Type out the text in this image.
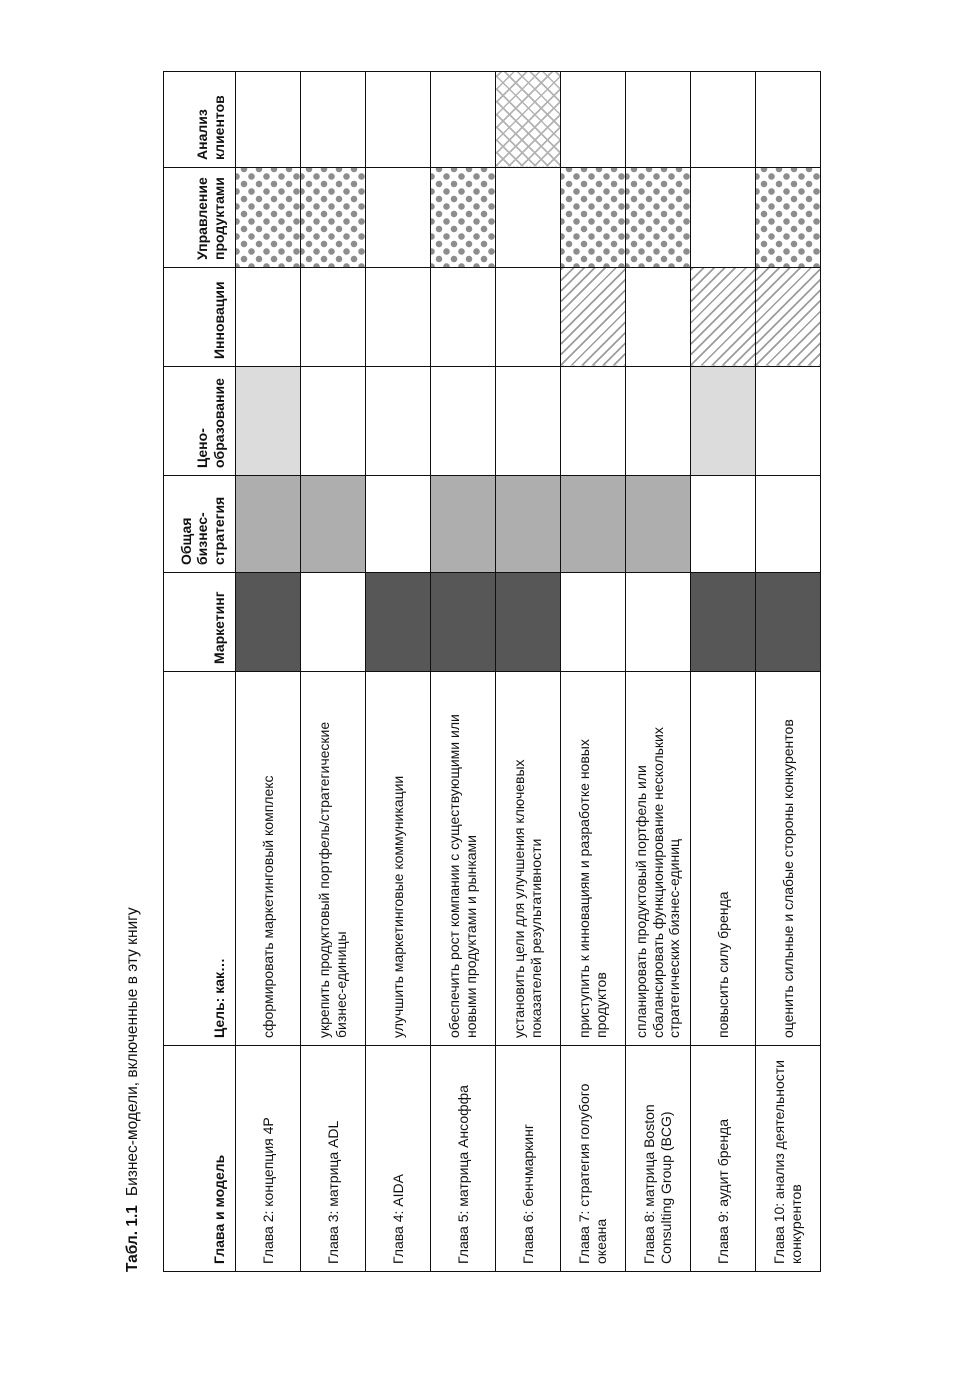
Табл. 1.1Бизнес-модели, включенные в эту книгу
Глава и модель	Цель: как…	Маркетинг	Общая бизнес-стратегия	Цено-образование	Инновации	Управление продуктами	Анализ клиентов
Глава 2: концепция 4P	сформировать маркетинговый комплекс						
Глава 3: матрица ADL	укрепить продуктовый портфель/стратегические бизнес-единицы						
Глава 4: AIDA	улучшить маркетинговые коммуникации						
Глава 5: матрица Ансоффа	обеспечить рост компании с существующими или новыми продуктами и рынками						
Глава 6: бенчмаркинг	установить цели для улучшения ключевых показателей результативности						
Глава 7: стратегия голубого океана	приступить к инновациям и разработке новых продуктов						
Глава 8: матрица Boston Consulting Group (BCG)	спланировать продуктовый портфель или сбалансировать функционирование нескольких стратегических бизнес-единиц						
Глава 9: аудит бренда	повысить силу бренда						
Глава 10: анализ деятельности конкурентов	оценить сильные и слабые стороны конкурентов						
